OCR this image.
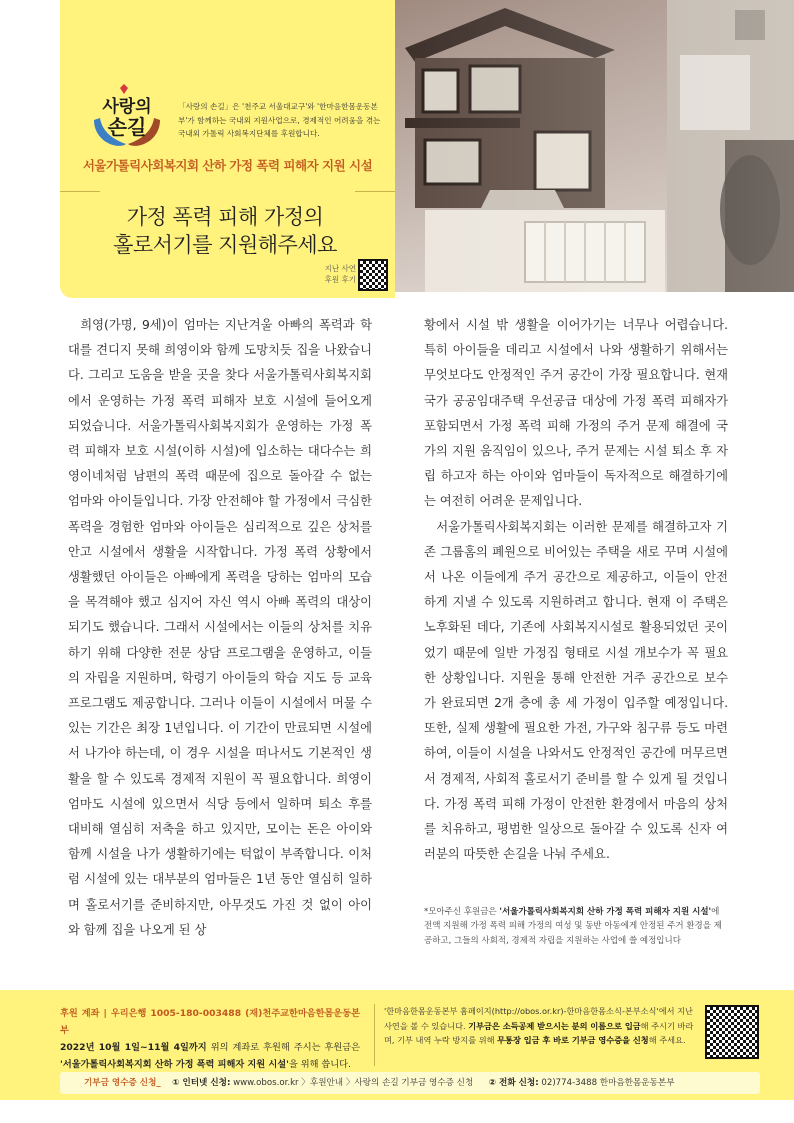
사랑의
손길
「사랑의 손길」은 '천주교 서울대교구'와 '한마음한몸운동본부'가 함께하는 국내외 지원사업으로, 경제적인 어려움을 겪는 국내외 가톨릭 사회복지단체를 후원합니다.
서울가톨릭사회복지회 산하 가정 폭력 피해자 지원 시설
가정 폭력 피해 가정의
홀로서기를 지원해주세요
지난 사연
후원 후기

희영(가명, 9세)이 엄마는 지난겨울 아빠의 폭력과 학대를 견디지 못해 희영이와 함께 도망치듯 집을 나왔습니다. 그리고 도움을 받을 곳을 찾다 서울가톨릭사회복지회에서 운영하는 가정 폭력 피해자 보호 시설에 들어오게 되었습니다. 서울가톨릭사회복지회가 운영하는 가정 폭력 피해자 보호 시설(이하 시설)에 입소하는 대다수는 희영이네처럼 남편의 폭력 때문에 집으로 돌아갈 수 없는 엄마와 아이들입니다. 가장 안전해야 할 가정에서 극심한 폭력을 경험한 엄마와 아이들은 심리적으로 깊은 상처를 안고 시설에서 생활을 시작합니다. 가정 폭력 상황에서 생활했던 아이들은 아빠에게 폭력을 당하는 엄마의 모습을 목격해야 했고 심지어 자신 역시 아빠 폭력의 대상이 되기도 했습니다. 그래서 시설에서는 이들의 상처를 치유하기 위해 다양한 전문 상담 프로그램을 운영하고, 이들의 자립을 지원하며, 학령기 아이들의 학습 지도 등 교육 프로그램도 제공합니다. 그러나 이들이 시설에서 머물 수 있는 기간은 최장 1년입니다. 이 기간이 만료되면 시설에서 나가야 하는데, 이 경우 시설을 떠나서도 기본적인 생활을 할 수 있도록 경제적 지원이 꼭 필요합니다. 희영이 엄마도 시설에 있으면서 식당 등에서 일하며 퇴소 후를 대비해 열심히 저축을 하고 있지만, 모이는 돈은 아이와 함께 시설을 나가 생활하기에는 턱없이 부족합니다. 이처럼 시설에 있는 대부분의 엄마들은 1년 동안 열심히 일하며 홀로서기를 준비하지만, 아무것도 가진 것 없이 아이와 함께 집을 나오게 된 상

황에서 시설 밖 생활을 이어가기는 너무나 어렵습니다. 특히 아이들을 데리고 시설에서 나와 생활하기 위해서는 무엇보다도 안정적인 주거 공간이 가장 필요합니다. 현재 국가 공공임대주택 우선공급 대상에 가정 폭력 피해자가 포함되면서 가정 폭력 피해 가정의 주거 문제 해결에 국가의 지원 움직임이 있으나, 주거 문제는 시설 퇴소 후 자립 하고자 하는 아이와 엄마들이 독자적으로 해결하기에는 여전히 어려운 문제입니다.

서울가톨릭사회복지회는 이러한 문제를 해결하고자 기존 그룹홈의 폐원으로 비어있는 주택을 새로 꾸며 시설에서 나온 이들에게 주거 공간으로 제공하고, 이들이 안전하게 지낼 수 있도록 지원하려고 합니다. 현재 이 주택은 노후화된 데다, 기존에 사회복지시설로 활용되었던 곳이었기 때문에 일반 가정집 형태로 시설 개보수가 꼭 필요한 상황입니다. 지원을 통해 안전한 거주 공간으로 보수가 완료되면 2개 층에 총 세 가정이 입주할 예정입니다. 또한, 실제 생활에 필요한 가전, 가구와 침구류 등도 마련하여, 이들이 시설을 나와서도 안정적인 공간에 머무르면서 경제적, 사회적 홀로서기 준비를 할 수 있게 될 것입니다. 가정 폭력 피해 가정이 안전한 환경에서 마음의 상처를 치유하고, 평범한 일상으로 돌아갈 수 있도록 신자 여러분의 따뜻한 손길을 나눠 주세요.

*모아주신 후원금은 '서울가톨릭사회복지회 산하 가정 폭력 피해자 지원 시설'에 전액 지원해 가정 폭력 피해 가정의 여성 및 동반 아동에게 안정된 주거 환경을 제공하고, 그들의 사회적, 경제적 자립을 지원하는 사업에 쓸 예정입니다
후원 계좌 | 우리은행 1005-180-003488 (재)천주교한마음한몸운동본부
2022년 10월 1일~11월 4일까지 위의 계좌로 후원해 주시는 후원금은 '서울가톨릭사회복지회 산하 가정 폭력 피해자 지원 시설'을 위해 씁니다.
'한마음한몸운동본부 홈페이지(http://obos.or.kr)-한마음한몸소식-본부소식'에서 지난 사연을 볼 수 있습니다. 기부금은 소득공제 받으시는 분의 이름으로 입금해 주시기 바라며, 기부 내역 누락 방지를 위해 무통장 입금 후 바로 기부금 영수증을 신청해 주세요.
기부금 영수증 신청_ ① 인터넷 신청: www.obos.or.kr 〉후원안내 〉사랑의 손길 기부금 영수증 신청 ② 전화 신청: 02)774-3488 한마음한몸운동본부
